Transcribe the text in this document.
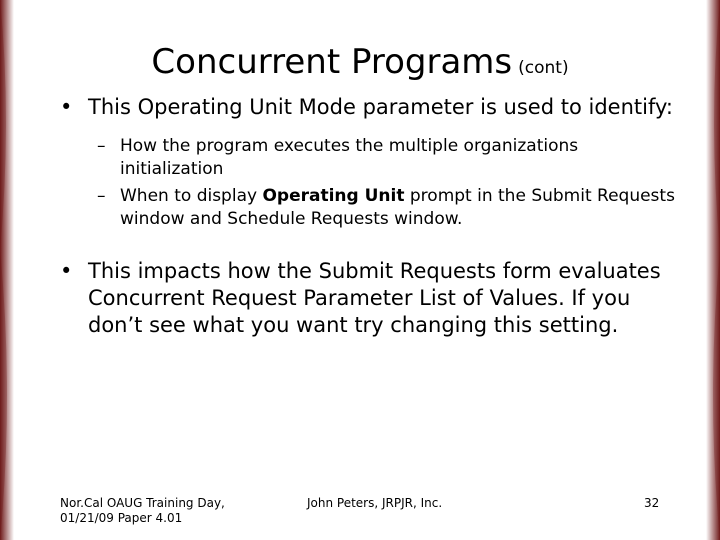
Concurrent Programs (cont)
• This Operating Unit Mode parameter is used to identify:
– How the program executes the multiple organizations initialization
– When to display Operating Unit prompt in the Submit Requests window and Schedule Requests window.
• This impacts how the Submit Requests form evaluates Concurrent Request Parameter List of Values. If you don’t see what you want try changing this setting.
Nor.Cal OAUG Training Day,
01/21/09 Paper 4.01
John Peters, JRPJR, Inc.	32
